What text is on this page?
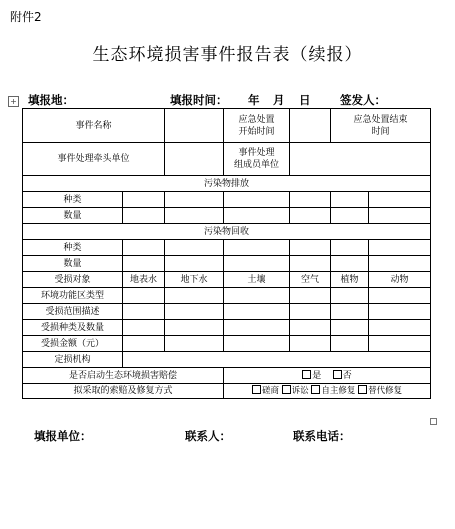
附件2
生态环境损害事件报告表（续报）
+ 填报地：	填报时间： 年 月 日	签发人：
事件名称			应急处置
开始时间		应急处置结束
时间	
事件处理牵头单位			事件处理
组成员单位			
污染物排放						
种类						
数量						
污染物回收						
种类						
数量						
受损对象	地表水	地下水	土壤	空气	植物	动物
环境功能区类型						
受损范围描述						
受损种类及数量						
受损金额（元）						
定损机构						
是否启动生态环境损害赔偿			是 否			
拟采取的索赔及修复方式			磋商 诉讼 自主修复 替代修复			
填报单位：	联系人：	联系电话：
